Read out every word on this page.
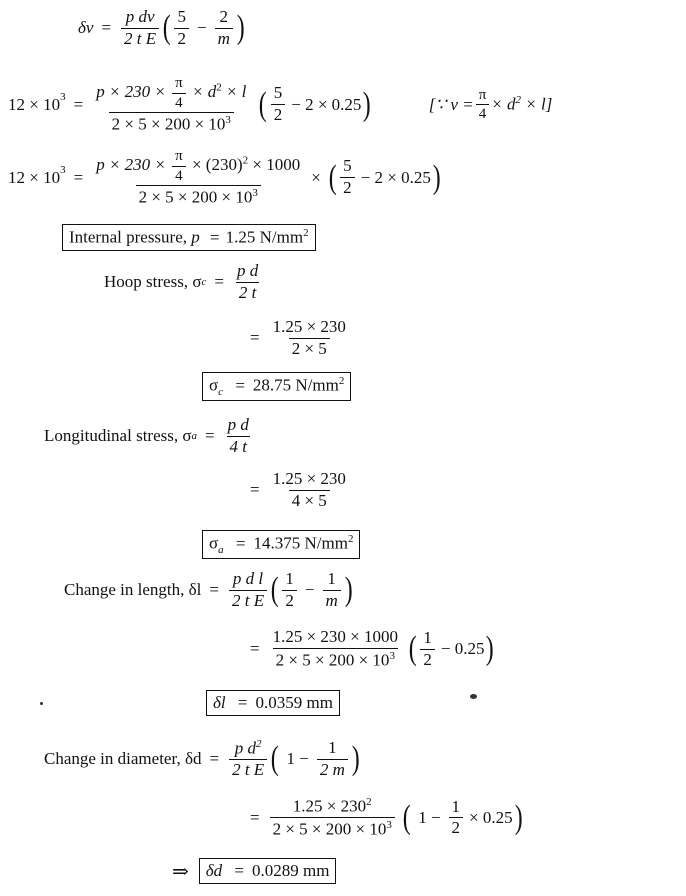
$\delta v = \frac{\text{p dv}}{\text{2 t E}}$ ( $\frac{5}{2} - \frac{2}{m}$ )
$12 \times 10^3 = \frac{p \times 230 \times \frac{\pi}{4} \times d^2 \times l}{2 \times 5 \times 200 \times 10^3}$ ( $\frac{5}{2} - 2 \times 0.25$ )	[∵ $v = \frac{\pi}{4} \times d^2 \times l$]
$12 \times 10^3 = \frac{p \times 230 \times \frac{\pi}{4} \times (230)^2 \times 1000}{2 \times 5 \times 200 \times 10^3}$ × ( $\frac{5}{2} - 2 \times 0.25$ )
Internal pressure, p = 1.25 $N/mm^2$
Hoop stress,
σ $c = \frac{\text{p d}}{2 t}$
= $\frac{1.25 \times 230}{2 \times 5}$
$\sigma_c = 28.75$ $N/mm^2$
Longitudinal stress,
σ $a = \frac{\text{p d}}{4 t}$
= $\frac{1.25 \times 230}{4 \times 5}$
$\sigma_a = 14.375$ $N/mm^2$
Change in length,
$\delta l = \frac{\text{p d l}}{\text{2 t E}}$ ( $\frac{1}{2} - \frac{1}{m}$ )
= $\frac{1.25 \times 230 \times 1000}{2 \times 5 \times 200 \times 10^3}$ ( $\frac{1}{2} - 0.25$ )
δl = 0.0359 mm
Change in diameter,
$\delta d = \frac{p d^2}{\text{2 t E}}$ ( $1 - \frac{1}{2 m}$ )
= $\frac{1.25 \times 230^2}{2 \times 5 \times 200 \times 10^3}$ ( $1 - \frac{1}{2} \times 0.25$ )
⇒	δd = 0.0289 mm
